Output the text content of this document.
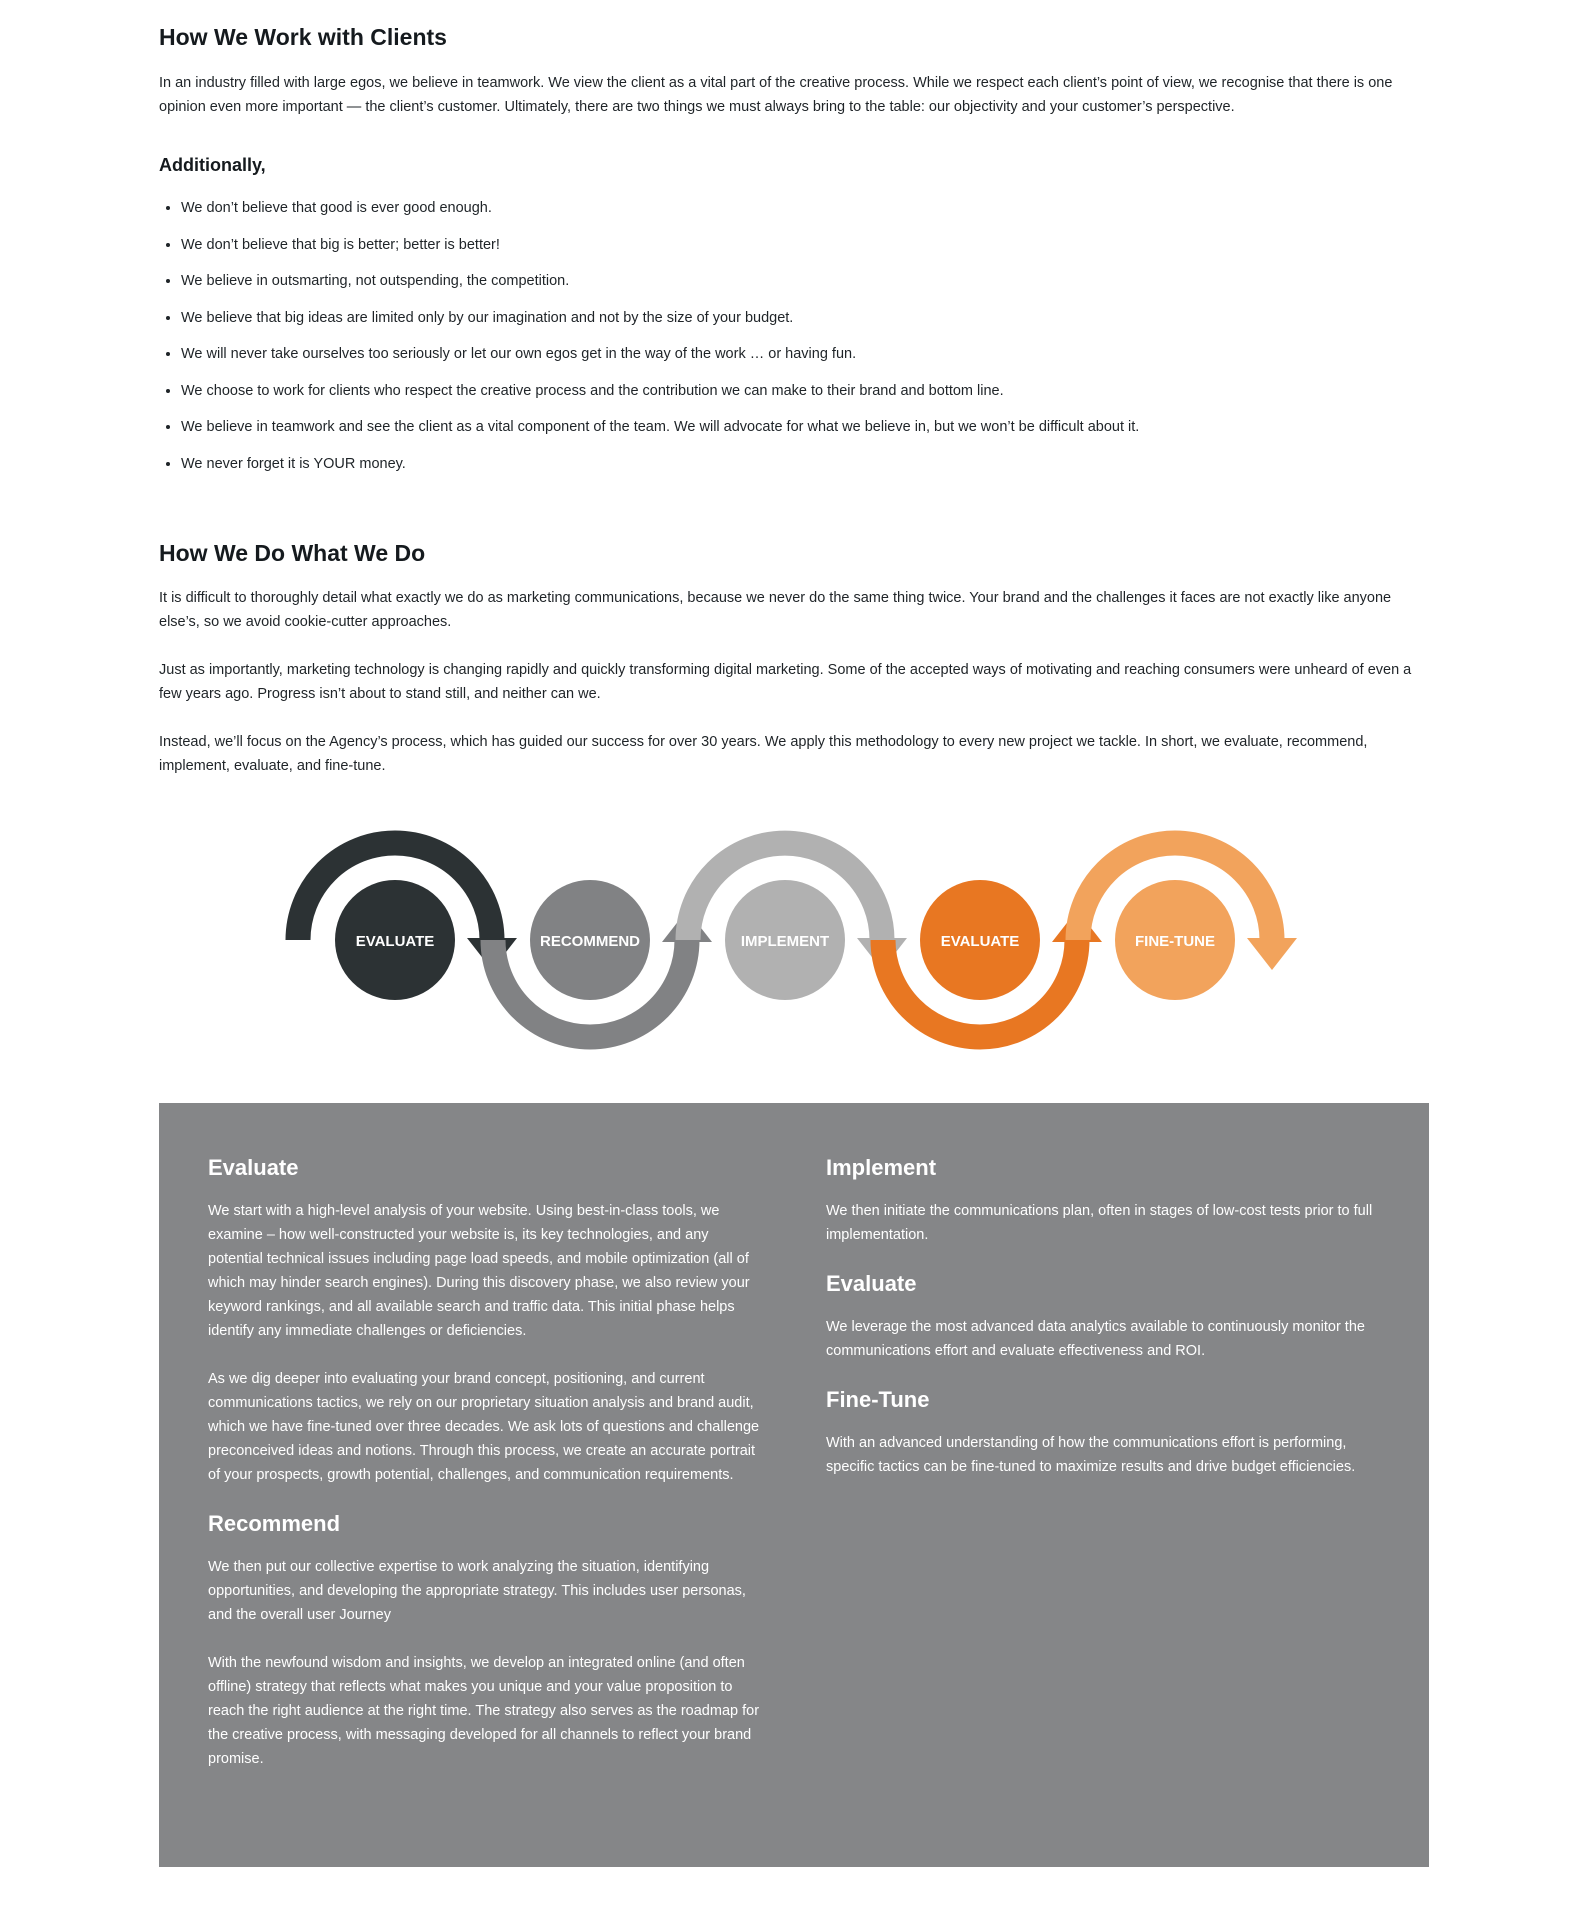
How We Work with Clients

In an industry filled with large egos, we believe in teamwork. We view the client as a vital part of the creative process. While we respect each client’s point of view, we recognise that there is one opinion even more important — the client’s customer. Ultimately, there are two things we must always bring to the table: our objectivity and your customer’s perspective.

Additionally,
• We don’t believe that good is ever good enough.
• We don’t believe that big is better; better is better!
• We believe in outsmarting, not outspending, the competition.
• We believe that big ideas are limited only by our imagination and not by the size of your budget.
• We will never take ourselves too seriously or let our own egos get in the way of the work … or having fun.
• We choose to work for clients who respect the creative process and the contribution we can make to their brand and bottom line.
• We believe in teamwork and see the client as a vital component of the team. We will advocate for what we believe in, but we won’t be difficult about it.
• We never forget it is YOUR money.
How We Do What We Do

It is difficult to thoroughly detail what exactly we do as marketing communications, because we never do the same thing twice. Your brand and the challenges it faces are not exactly like anyone else’s, so we avoid cookie-cutter approaches.

Just as importantly, marketing technology is changing rapidly and quickly transforming digital marketing. Some of the accepted ways of motivating and reaching consumers were unheard of even a few years ago. Progress isn’t about to stand still, and neither can we.

Instead, we’ll focus on the Agency’s process, which has guided our success for over 30 years. We apply this methodology to every new project we tackle. In short, we evaluate, recommend, implement, evaluate, and fine-tune.

EVALUATE	RECOMMEND	IMPLEMENT	EVALUATE	FINE-TUNE
Evaluate

We start with a high-level analysis of your website. Using best-in-class tools, we examine – how well-constructed your website is, its key technologies, and any potential technical issues including page load speeds, and mobile optimization (all of which may hinder search engines). During this discovery phase, we also review your keyword rankings, and all available search and traffic data. This initial phase helps identify any immediate challenges or deficiencies.

As we dig deeper into evaluating your brand concept, positioning, and current communications tactics, we rely on our proprietary situation analysis and brand audit, which we have fine-tuned over three decades. We ask lots of questions and challenge preconceived ideas and notions. Through this process, we create an accurate portrait of your prospects, growth potential, challenges, and communication requirements.

Recommend

We then put our collective expertise to work analyzing the situation, identifying opportunities, and developing the appropriate strategy. This includes user personas, and the overall user Journey

With the newfound wisdom and insights, we develop an integrated online (and often offline) strategy that reflects what makes you unique and your value proposition to reach the right audience at the right time. The strategy also serves as the roadmap for the creative process, with messaging developed for all channels to reflect your brand promise.

Implement

We then initiate the communications plan, often in stages of low-cost tests prior to full implementation.

Evaluate

We leverage the most advanced data analytics available to continuously monitor the communications effort and evaluate effectiveness and ROI.

Fine-Tune

With an advanced understanding of how the communications effort is performing, specific tactics can be fine-tuned to maximize results and drive budget efficiencies.
